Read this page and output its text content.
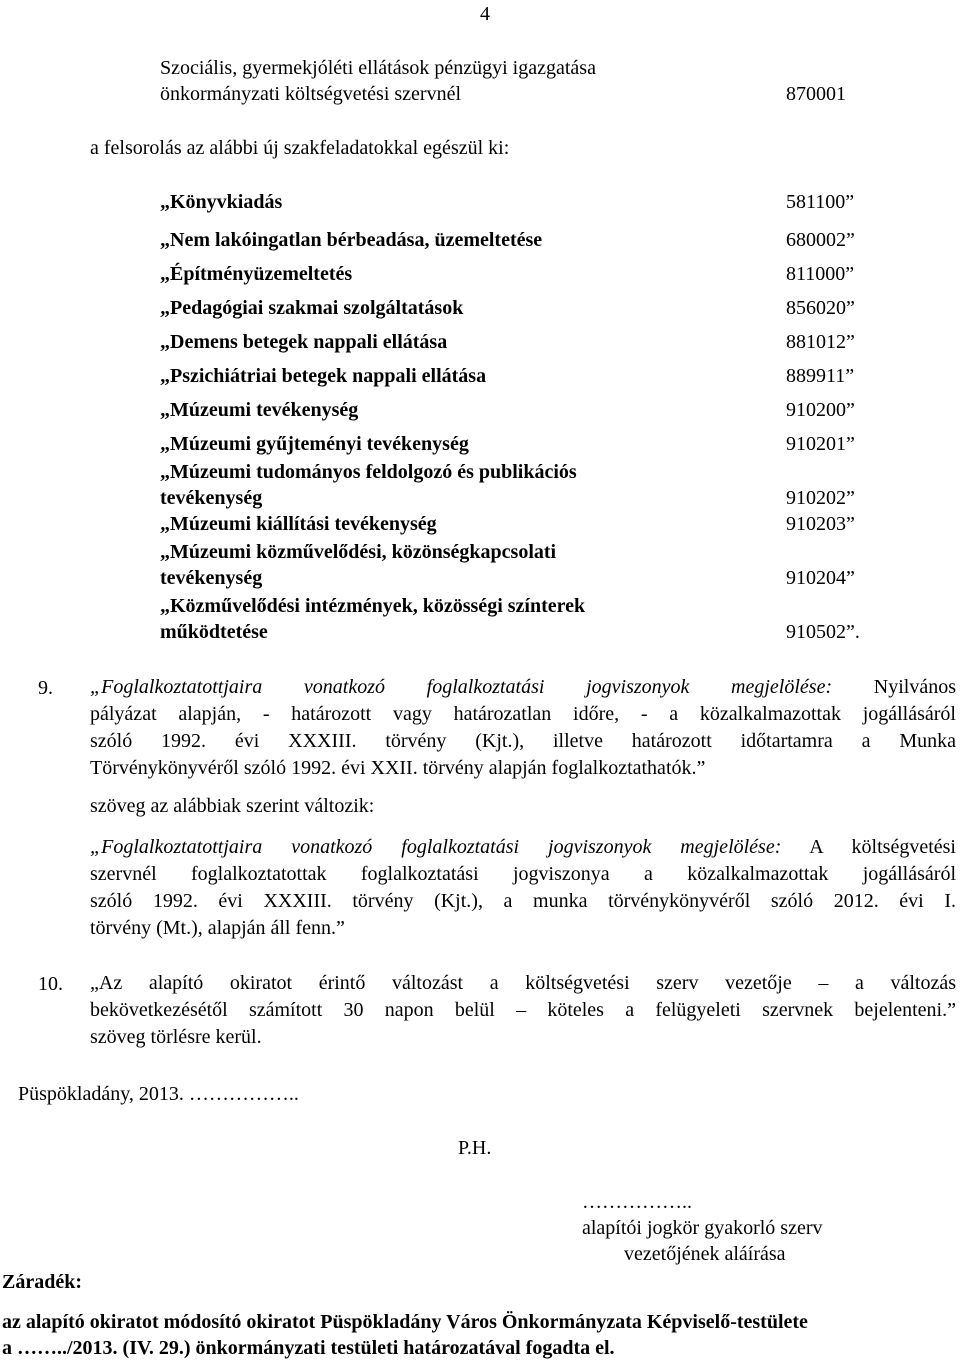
4
Szociális, gyermekjóléti ellátások pénzügyi igazgatása
önkormányzati költségvetési szervnél	870001
a felsorolás az alábbi új szakfeladatokkal egészül ki:
„Könyvkiadás	581100”
„Nem lakóingatlan bérbeadása, üzemeltetése	680002”
„Építményüzemeltetés	811000”
„Pedagógiai szakmai szolgáltatások	856020”
„Demens betegek nappali ellátása	881012”
„Pszichiátriai betegek nappali ellátása	889911”
„Múzeumi tevékenység	910200”
„Múzeumi gyűjteményi tevékenység	910201”
„Múzeumi tudományos feldolgozó és publikációs
tevékenység	910202”
„Múzeumi kiállítási tevékenység	910203”
„Múzeumi közművelődési, közönségkapcsolati
tevékenység	910204”
„Közművelődési intézmények, közösségi színterek
működtetése	910502”.
9. „Foglalkoztatottjaira vonatkozó foglalkoztatási jogviszonyok megjelölése: Nyilvános
pályázat alapján, - határozott vagy határozatlan időre, - a közalkalmazottak jogállásáról
szóló 1992. évi XXXIII. törvény (Kjt.), illetve határozott időtartamra a Munka
Törvénykönyvéről szóló 1992. évi XXII. törvény alapján foglalkoztathatók.”
szöveg az alábbiak szerint változik:
„Foglalkoztatottjaira vonatkozó foglalkoztatási jogviszonyok megjelölése: A költségvetési
szervnél foglalkoztatottak foglalkoztatási jogviszonya a közalkalmazottak jogállásáról
szóló 1992. évi XXXIII. törvény (Kjt.), a munka törvénykönyvéről szóló 2012. évi I.
törvény (Mt.), alapján áll fenn.”
10. „Az alapító okiratot érintő változást a költségvetési szerv vezetője – a változás
bekövetkezésétől számított 30 napon belül – köteles a felügyeleti szervnek bejelenteni.”
szöveg törlésre kerül.
Püspökladány, 2013. ……………..
P.H.
……………..
alapítói jogkör gyakorló szerv
vezetőjének aláírása
Záradék:
az alapító okiratot módosító okiratot Püspökladány Város Önkormányzata Képviselő-testülete
a ……../2013. (IV. 29.) önkormányzati testületi határozatával fogadta el.
